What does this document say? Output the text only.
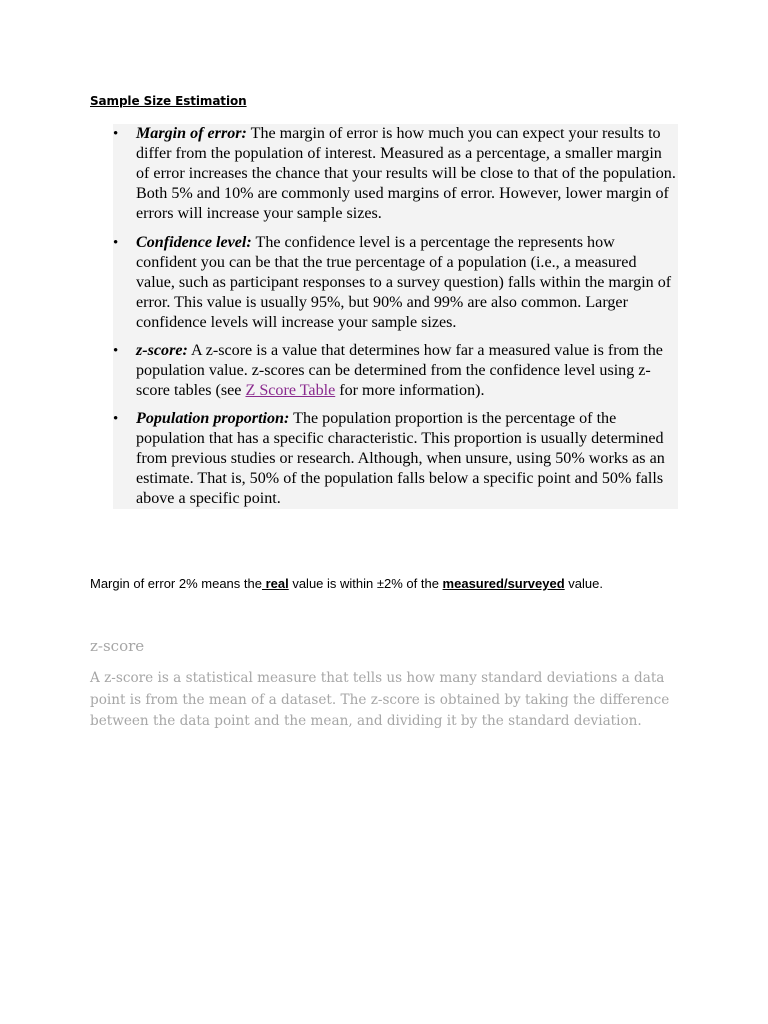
Sample Size Estimation
• Margin of error: The margin of error is how much you can expect your results to differ from the population of interest. Measured as a percentage, a smaller margin of error increases the chance that your results will be close to that of the population. Both 5% and 10% are commonly used margins of error. However, lower margin of errors will increase your sample sizes.
• Confidence level: The confidence level is a percentage the represents how confident you can be that the true percentage of a population (i.e., a measured value, such as participant responses to a survey question) falls within the margin of error. This value is usually 95%, but 90% and 99% are also common. Larger confidence levels will increase your sample sizes.
• z-score: A z-score is a value that determines how far a measured value is from the population value. z-scores can be determined from the confidence level using z-score tables (see Z Score Table for more information).
• Population proportion: The population proportion is the percentage of the population that has a specific characteristic. This proportion is usually determined from previous studies or research. Although, when unsure, using 50% works as an estimate. That is, 50% of the population falls below a specific point and 50% falls above a specific point.
Margin of error 2% means the real value is within ±2% of the measured/surveyed value.
z-score
A z-score is a statistical measure that tells us how many standard deviations a data point is from the mean of a dataset. The z-score is obtained by taking the difference between the data point and the mean, and dividing it by the standard deviation.
